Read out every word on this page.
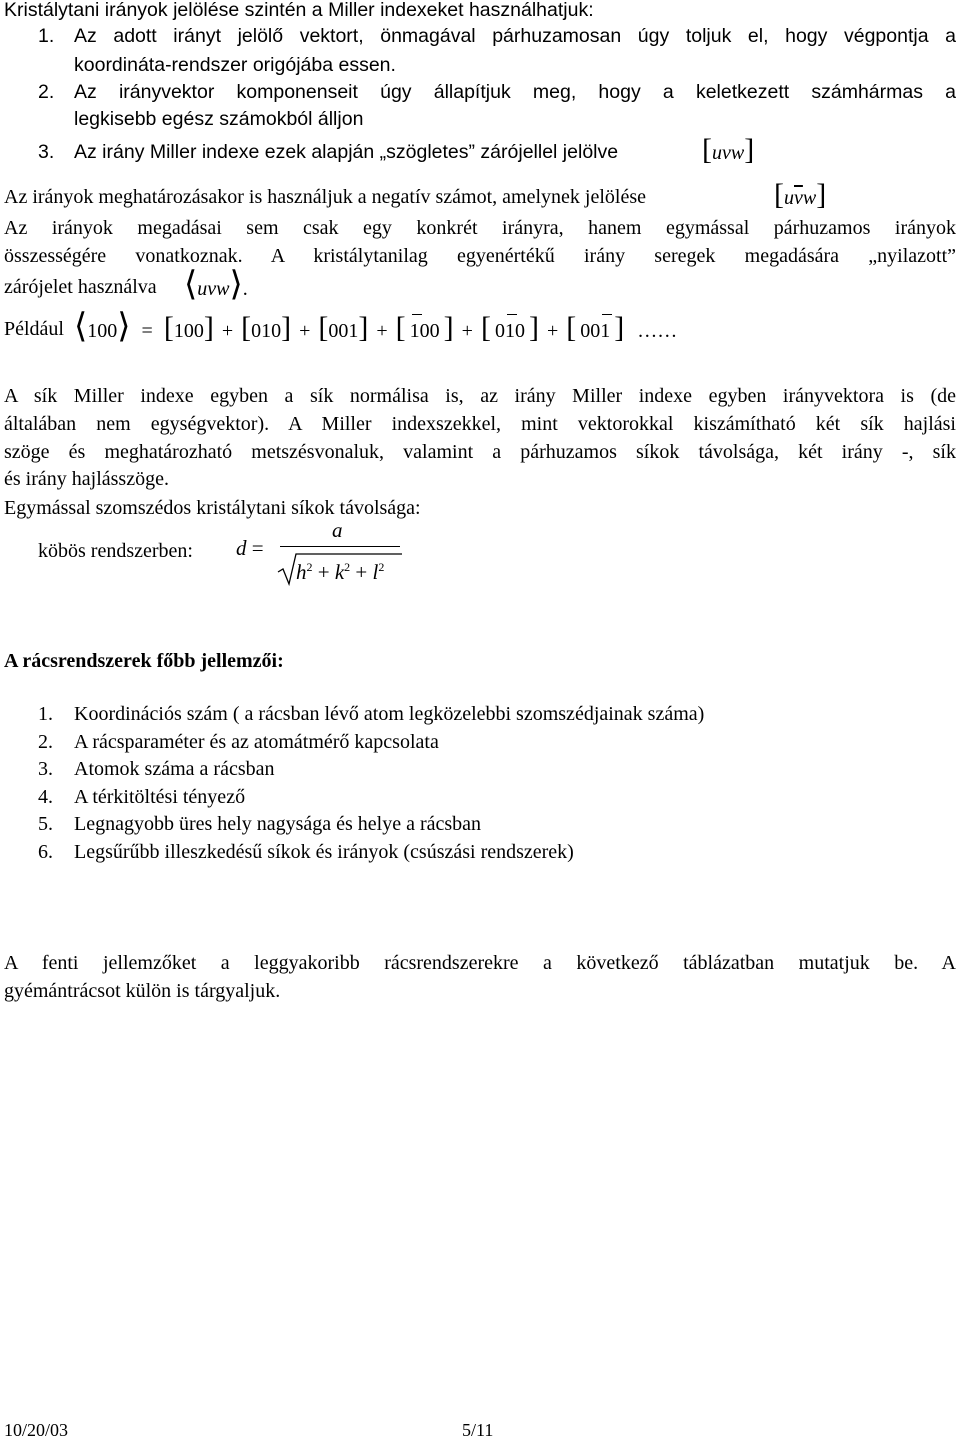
Kristálytani irányok jelölése szintén a Miller indexeket használhatjuk:
1. Az adott irányt jelölő vektort, önmagával párhuzamosan úgy toljuk el, hogy végpontja a
koordináta-rendszer origójába essen.
2. Az irányvektor komponenseit úgy állapítjuk meg, hogy a keletkezett számhármas a
legkisebb egész számokból álljon
3. Az irány Miller indexe ezek alapján „szögletes” zárójellel jelölve	[uvw]
Az irányok meghatározásakor is használjuk a negatív számot, amelynek jelölése	$[u\overline{v}w]$
Az irányok megadásai sem csak egy konkrét irányra, hanem egymással párhuzamos irányok
összességére vonatkoznak. A kristálytanilag egyenértékű irány seregek megadására „nyilazott”
zárójelet használva ⟨uvw⟩.
Például ⟨100⟩ = [100] + [010] + [001] + [ 100 ] + [ 010 ] + [ 001 ] ……
A sík Miller indexe egyben a sík normálisa is, az irány Miller indexe egyben irányvektora is (de
általában nem egységvektor). A Miller indexszekkel, mint vektorokkal kiszámítható két sík hajlási
szöge és meghatározható metszésvonaluk, valamint a párhuzamos síkok távolsága, két irány -, sík
és irány hajlásszöge.
Egymással szomszédos kristálytani síkok távolsága:
köbös rendszerben: d =
a
$h^2 + k^2 + l^2$
A rácsrendszerek főbb jellemzői:
1. Koordinációs szám ( a rácsban lévő atom legközelebbi szomszédjainak száma)
2. A rácsparaméter és az atomátmérő kapcsolata
3. Atomok száma a rácsban
4. A térkitöltési tényező
5. Legnagyobb üres hely nagysága és helye a rácsban
6. Legsűrűbb illeszkedésű síkok és irányok (csúszási rendszerek)
A fenti jellemzőket a leggyakoribb rácsrendszerekre a következő táblázatban mutatjuk be. A
gyémántrácsot külön is tárgyaljuk.
10/20/03	5/11
